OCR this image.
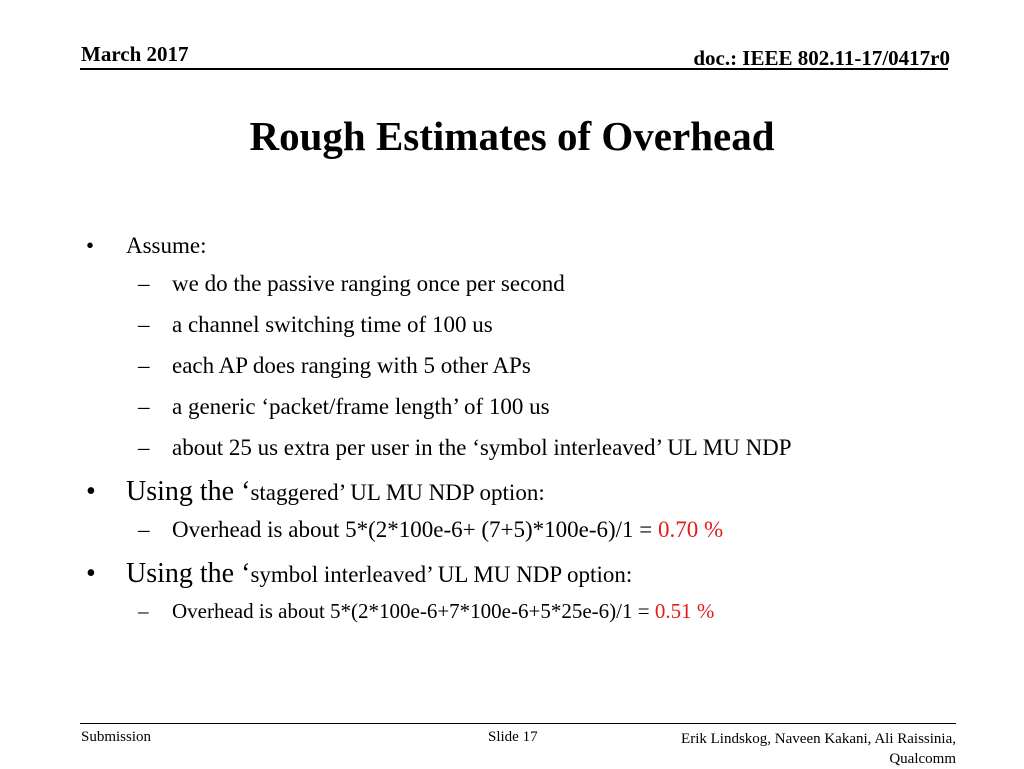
March 2017	doc.: IEEE 802.11-17/0417r0
Rough Estimates of Overhead
• Assume:
– we do the passive ranging once per second
– a channel switching time of 100 us
– each AP does ranging with 5 other APs
– a generic ‘packet/frame length’ of 100 us
– about 25 us extra per user in the ‘symbol interleaved’ UL MU NDP
• Using the ‘staggered’ UL MU NDP option:
– Overhead is about 5*(2*100e-6+ (7+5)*100e-6)/1 = 0.70 %
• Using the ‘symbol interleaved’ UL MU NDP option:
– Overhead is about 5*(2*100e-6+7*100e-6+5*25e-6)/1 = 0.51 %
Submission	Slide 17	Erik Lindskog, Naveen Kakani, Ali Raissinia,
Qualcomm
